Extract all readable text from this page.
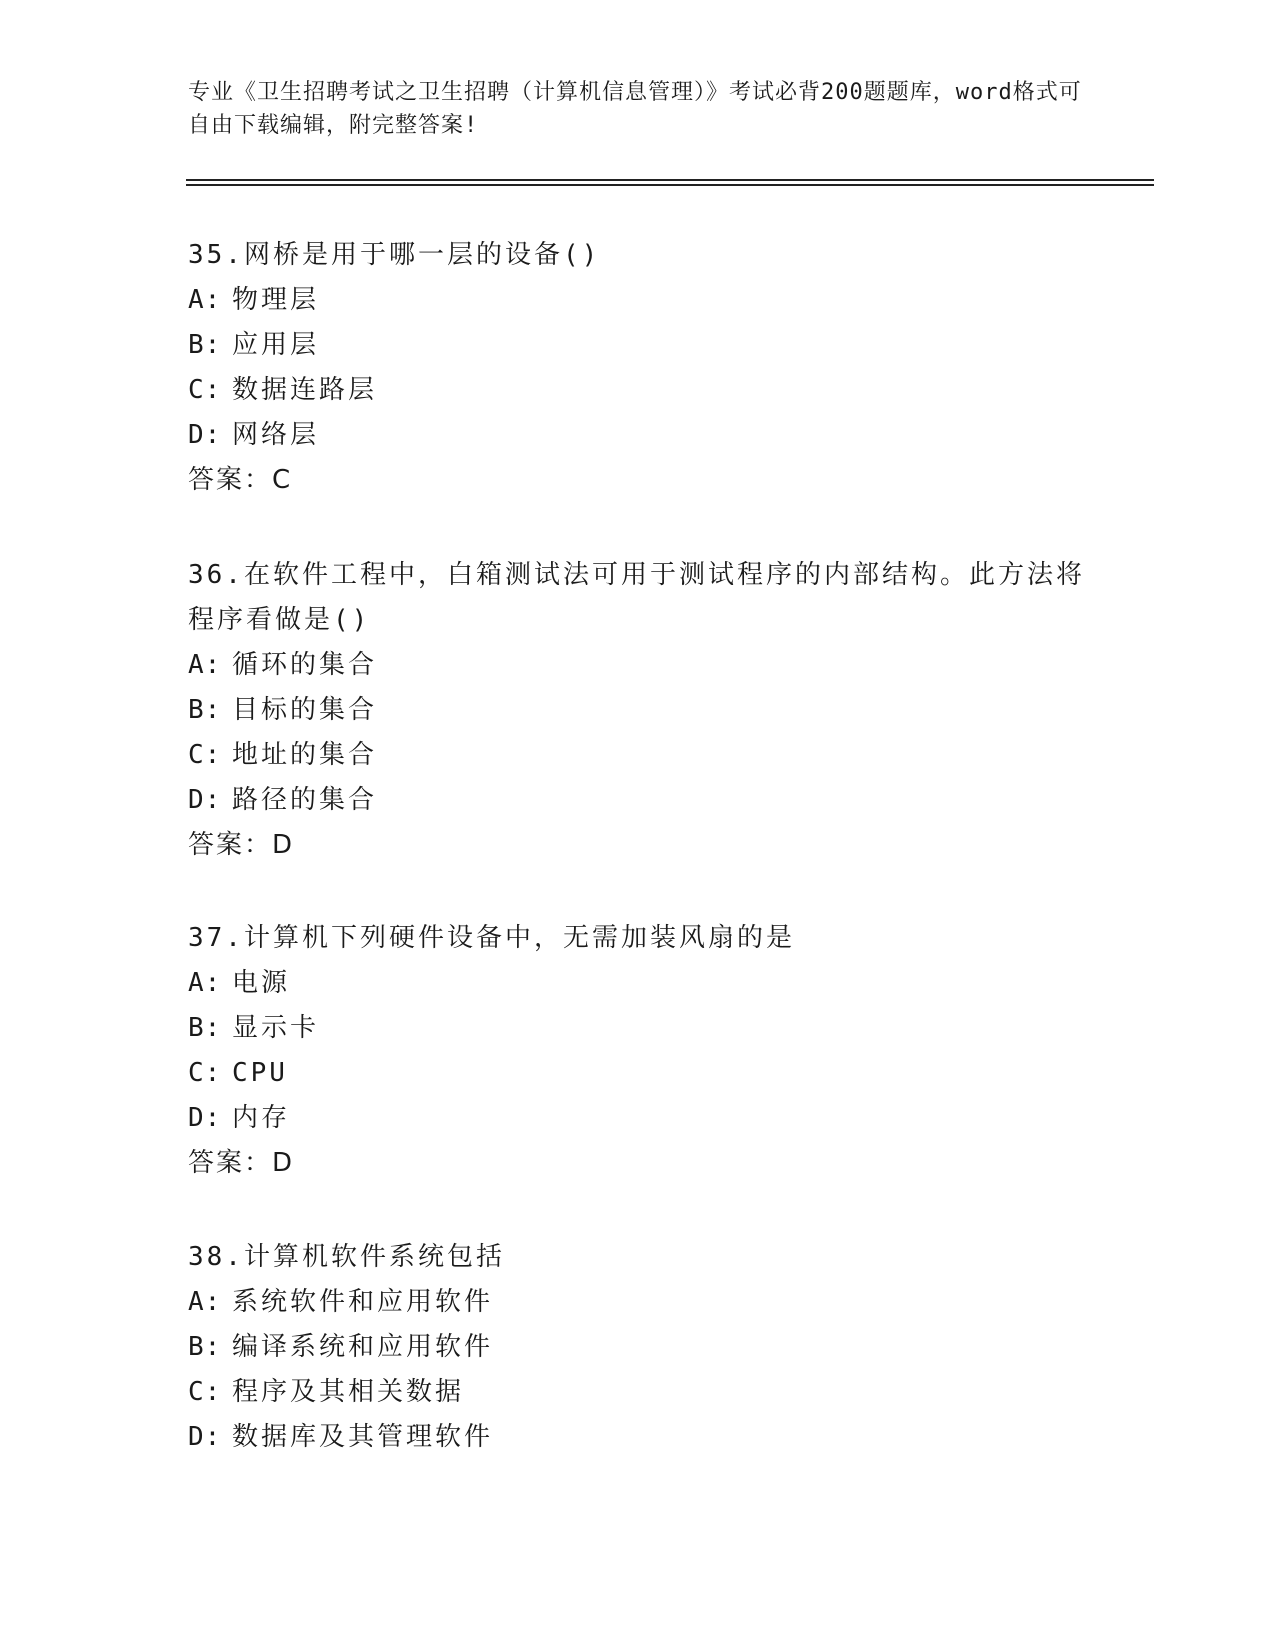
专业《卫生招聘考试之卫生招聘（计算机信息管理）》考试必背200题题库，word格式可自由下载编辑，附完整答案!

35.网桥是用于哪一层的设备()

A: 物理层

B: 应用层

C: 数据连路层

D: 网络层

答案：C

36.在软件工程中，白箱测试法可用于测试程序的内部结构。此方法将程序看做是()

A: 循环的集合

B: 目标的集合

C: 地址的集合

D: 路径的集合

答案：D

37.计算机下列硬件设备中，无需加装风扇的是

A: 电源

B: 显示卡

C: CPU

D: 内存

答案：D

38.计算机软件系统包括

A: 系统软件和应用软件

B: 编译系统和应用软件

C: 程序及其相关数据

D: 数据库及其管理软件
